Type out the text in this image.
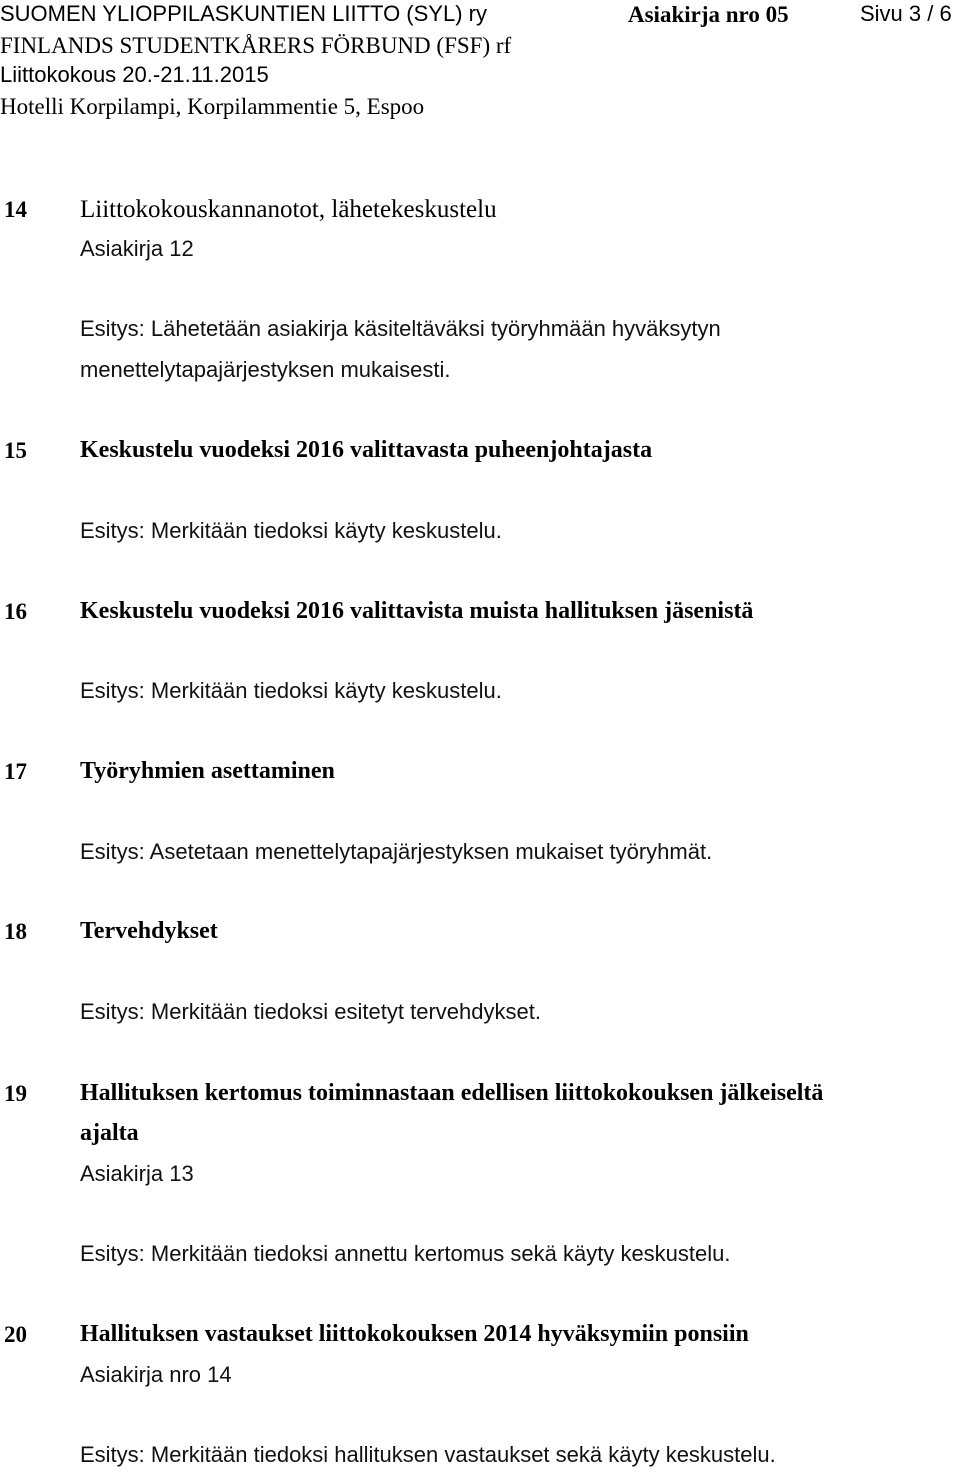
SUOMEN YLIOPPILASKUNTIEN LIITTO (SYL) ry	Asiakirja nro 05	Sivu 3 / 6
FINLANDS STUDENTKÅRERS FÖRBUND (FSF) rf
Liittokokous 20.-21.11.2015
Hotelli Korpilampi, Korpilammentie 5, Espoo
14 Liittokokouskannanotot, lähetekeskustelu
Asiakirja 12
Esitys: Lähetetään asiakirja käsiteltäväksi työryhmään hyväksytyn
menettelytapajärjestyksen mukaisesti.
15 Keskustelu vuodeksi 2016 valittavasta puheenjohtajasta
Esitys: Merkitään tiedoksi käyty keskustelu.
16 Keskustelu vuodeksi 2016 valittavista muista hallituksen jäsenistä
Esitys: Merkitään tiedoksi käyty keskustelu.
17 Työryhmien asettaminen
Esitys: Asetetaan menettelytapajärjestyksen mukaiset työryhmät.
18 Tervehdykset
Esitys: Merkitään tiedoksi esitetyt tervehdykset.
19 Hallituksen kertomus toiminnastaan edellisen liittokokouksen jälkeiseltä
ajalta
Asiakirja 13
Esitys: Merkitään tiedoksi annettu kertomus sekä käyty keskustelu.
20 Hallituksen vastaukset liittokokouksen 2014 hyväksymiin ponsiin
Asiakirja nro 14
Esitys: Merkitään tiedoksi hallituksen vastaukset sekä käyty keskustelu.
